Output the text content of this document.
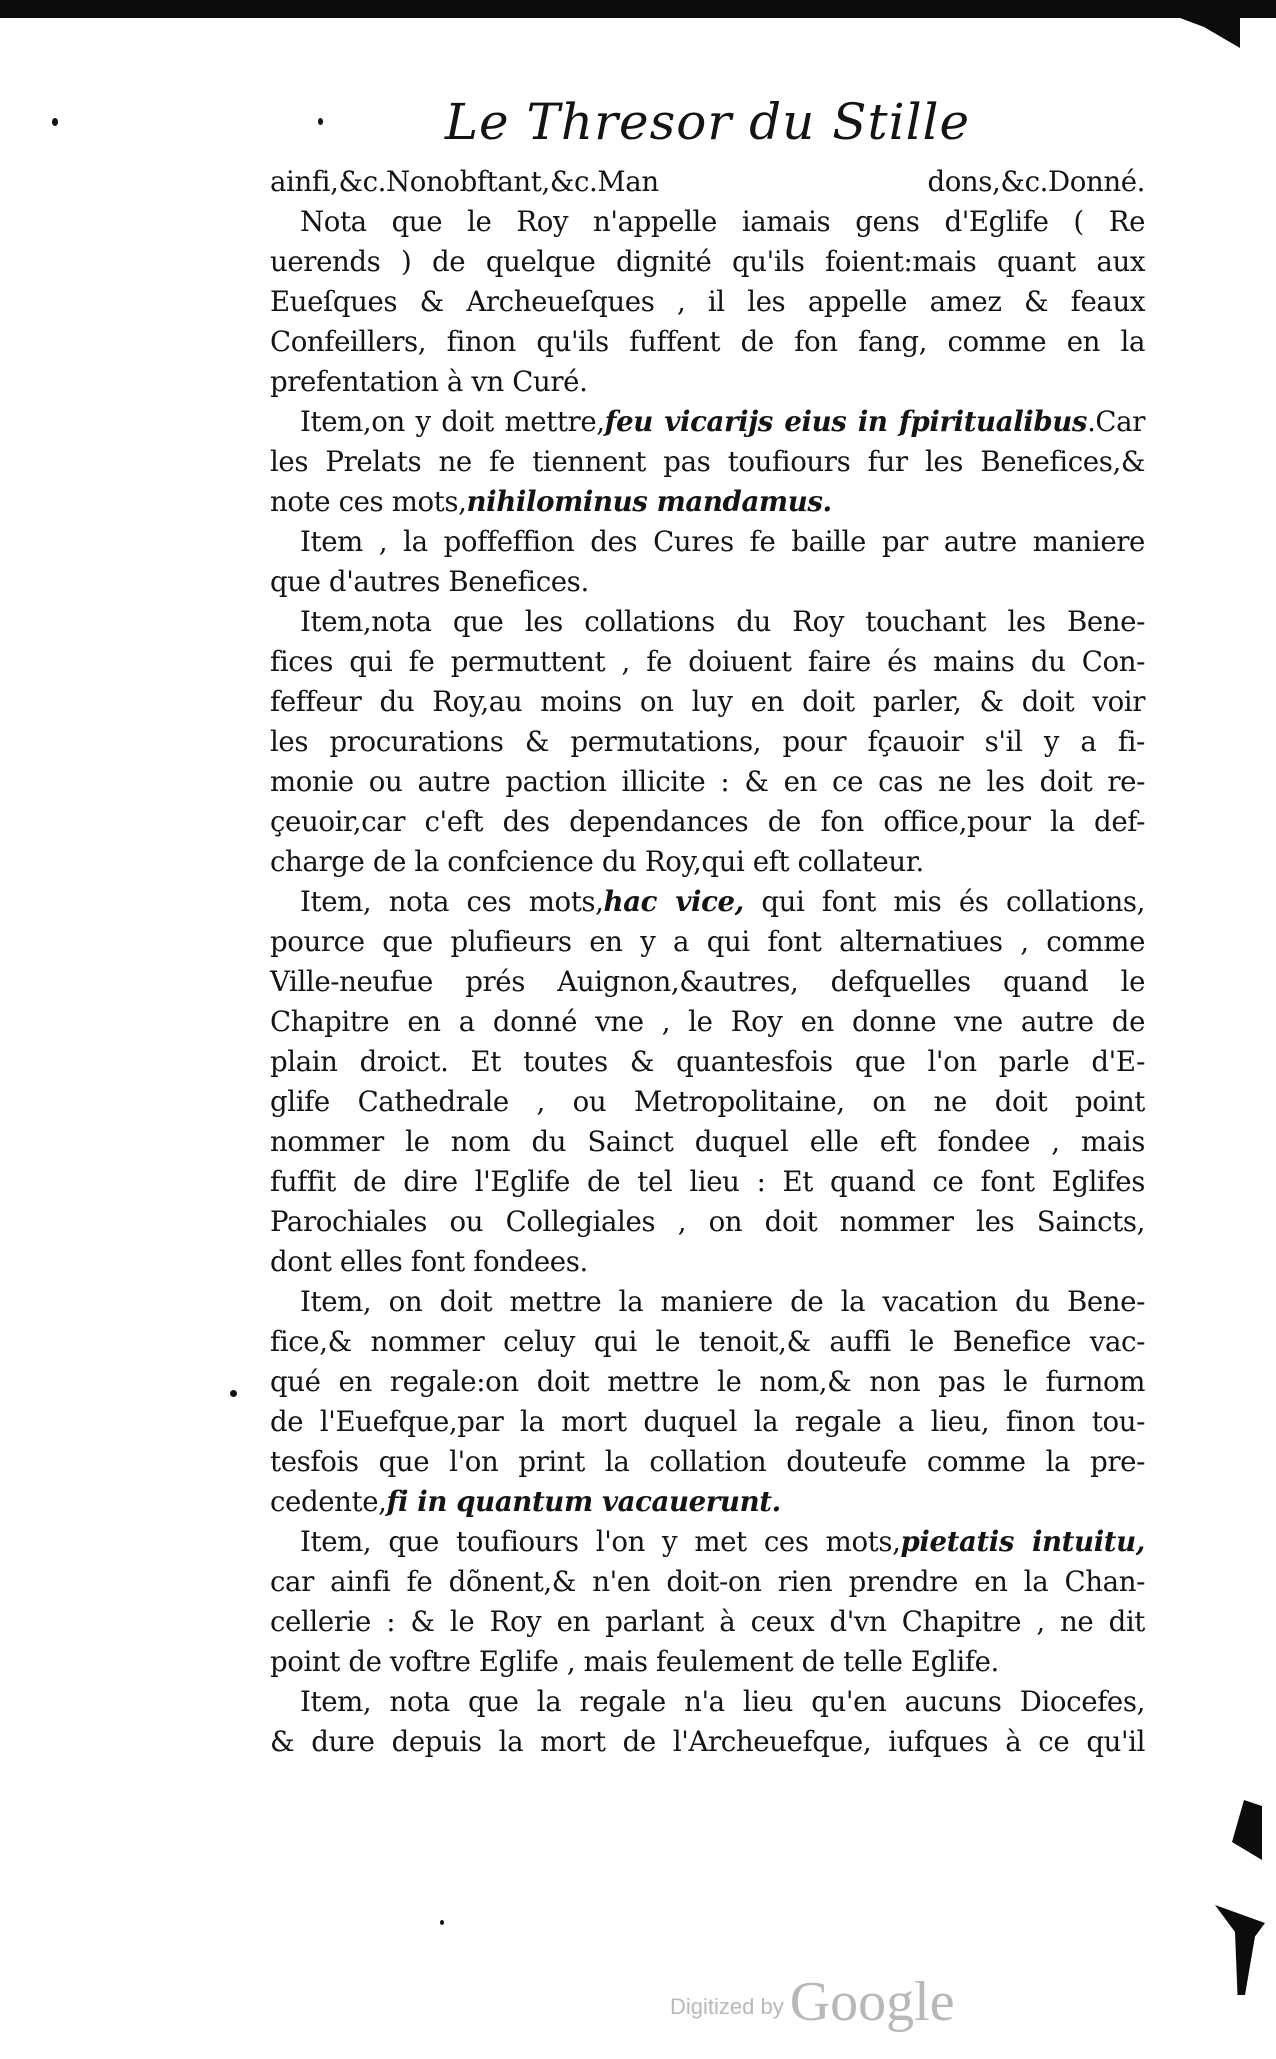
Le Thresor du Stille
ainfi,&c.Nonobftant,&c.Man dons,&c.Donné.
Nota que le Roy n'appelle iamais gens d'Eglife ( Re
uerends ) de quelque dignité qu'ils foient:mais quant aux
Eueſques & Archeueſques , il les appelle amez & feaux
Confeillers, finon qu'ils fuffent de fon fang, comme en la
prefentation à vn Curé.
Item,on y doit mettre,feu vicarijs eius in fpiritualibus.Car
les Prelats ne fe tiennent pas toufiours fur les Benefices,&
note ces mots,nihilominus mandamus.
Item , la poffeffion des Cures fe baille par autre maniere
que d'autres Benefices.
Item,nota que les collations du Roy touchant les Bene-
fices qui fe permuttent , fe doiuent faire és mains du Con-
feffeur du Roy,au moins on luy en doit parler, & doit voir
les procurations & permutations, pour fçauoir s'il y a fi-
monie ou autre paction illicite : & en ce cas ne les doit re-
çeuoir,car c'eft des dependances de fon office,pour la def-
charge de la confcience du Roy,qui eft collateur.
Item, nota ces mots,hac vice, qui font mis és collations,
pource que plufieurs en y a qui font alternatiues , comme
Ville-neufue prés Auignon,&autres, defquelles quand le
Chapitre en a donné vne , le Roy en donne vne autre de
plain droict. Et toutes & quantesfois que l'on parle d'E-
glife Cathedrale , ou Metropolitaine, on ne doit point
nommer le nom du Sainct duquel elle eft fondee , mais
fuffit de dire l'Eglife de tel lieu : Et quand ce font Eglifes
Parochiales ou Collegiales , on doit nommer les Saincts,
dont elles font fondees.
Item, on doit mettre la maniere de la vacation du Bene-
fice,& nommer celuy qui le tenoit,& auffi le Benefice vac-
qué en regale:on doit mettre le nom,& non pas le furnom
de l'Euefque,par la mort duquel la regale a lieu, finon tou-
tesfois que l'on print la collation douteufe comme la pre-
cedente,fi in quantum vacauerunt.
Item, que toufiours l'on y met ces mots,pietatis intuitu,
car ainfi fe dõnent,& n'en doit-on rien prendre en la Chan-
cellerie : & le Roy en parlant à ceux d'vn Chapitre , ne dit
point de voftre Eglife , mais feulement de telle Eglife.
Item, nota que la regale n'a lieu qu'en aucuns Diocefes,
& dure depuis la mort de l'Archeuefque, iufques à ce qu'il
Digitized by Google
